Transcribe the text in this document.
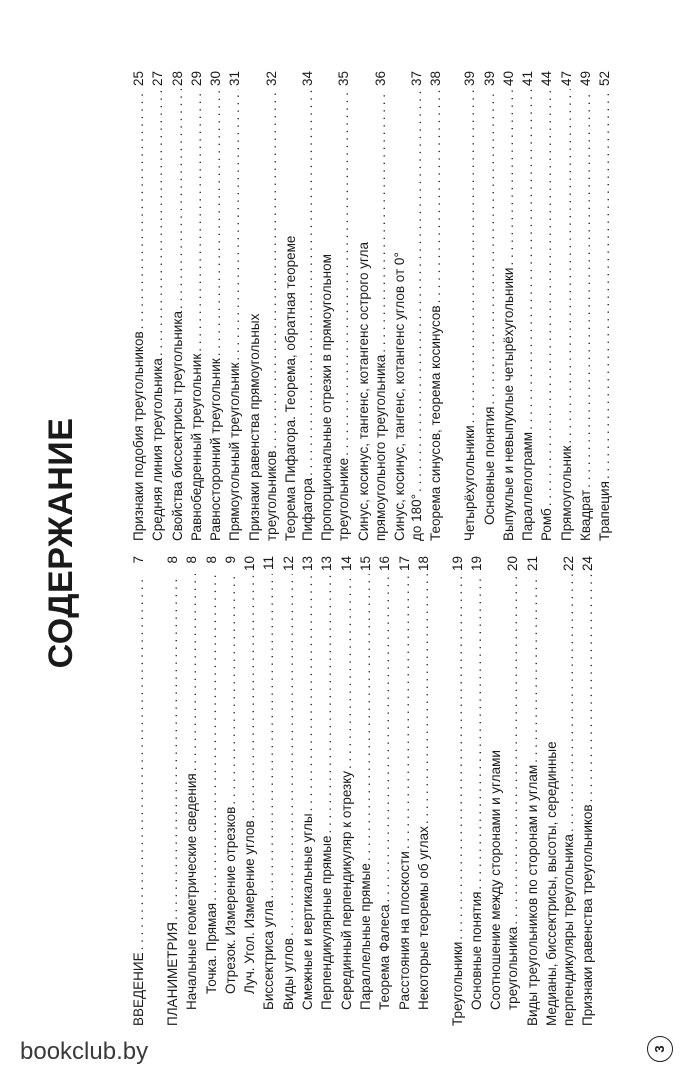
СОДЕРЖАНИЕ
ВВЕДЕНИЕ
. . .
7
ПЛАНИМЕТРИЯ
. . .
8
Начальные геометрические сведения
. . .
8
Точка. Прямая
. . .
8
Отрезок. Измерение отрезков
. . .
9
Луч. Угол. Измерение углов
. . .
10
Биссектриса угла
. . .
11
Виды углов
. . .
12
Смежные и вертикальные углы
. . .
13
Перпендикулярные прямые
. . .
13
Серединный перпендикуляр к отрезку
. . .
14
Параллельные прямые
. . .
15
Теорема Фалеса
. . .
16
Расстояния на плоскости
. . .
17
Некоторые теоремы об углах
. . .
18
Треугольники
. . .
19
Основные понятия
. . .
19
Соотношение между сторонами и углами треугольника
. . .
20
Виды треугольников по сторонам и углам
. . .
21
Медианы, биссектрисы, высоты, серединные перпендикуляры треугольника
. . .
22
Признаки равенства треугольников
. . .
24
Признаки подобия треугольников
. . .
25
Средняя линия треугольника
. . .
27
Свойства биссектрисы треугольника
. . .
28
Равнобедренный треугольник
. . .
29
Равносторонний треугольник
. . .
30
Прямоугольный треугольник
. . .
31
Признаки равенства прямоугольных треугольников
. . .
32
Теорема Пифагора. Теорема, обратная теореме Пифагора
. . .
34
Пропорциональные отрезки в прямоугольном треугольнике
. . .
35
Синус, косинус, тангенс, котангенс острого угла прямоугольного треугольника
. . .
36
Синус, косинус, тангенс, котангенс углов от 0° до 180°
. . .
37
Теорема синусов, теорема косинусов
. . .
38
Четырёхугольники
. . .
39
Основные понятия
. . .
39
Выпуклые и невыпуклые четырёхугольники
. . .
40
Параллелограмм
. . .
41
Ромб
. . .
44
Прямоугольник
. . .
47
Квадрат
. . .
49
Трапеция
. . .
52
3
bookclub.by
